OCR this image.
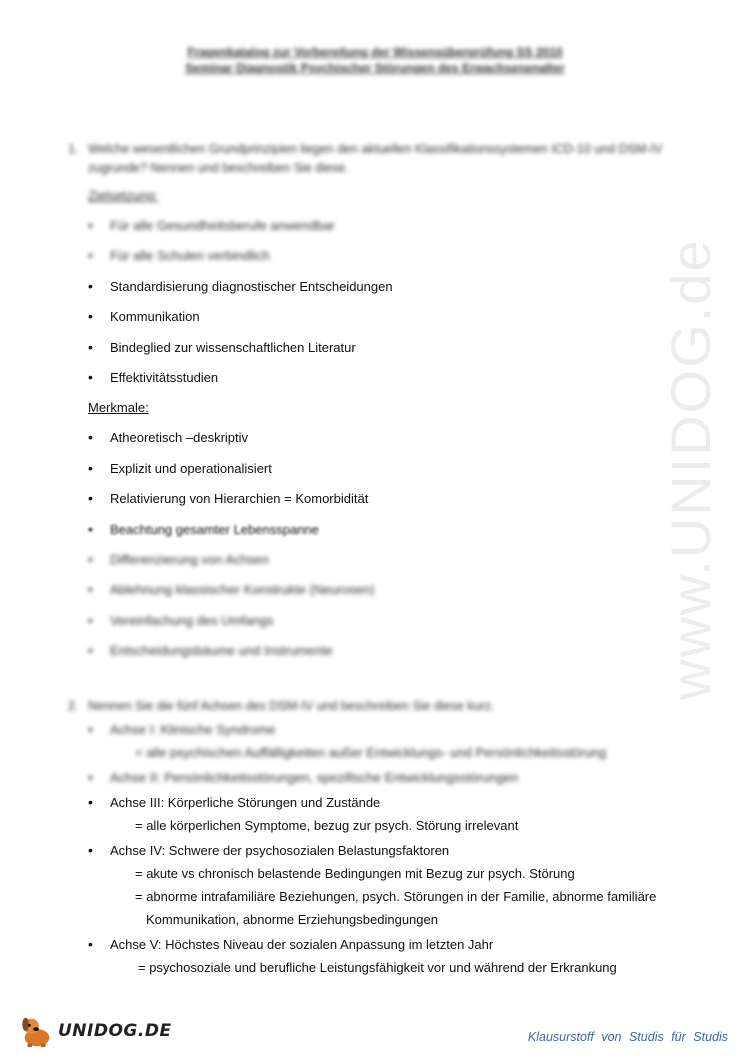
www.UNIDOG.de
Fragenkatalog zur Vorbereitung der Wissensüberprüfung SS 2010
Seminar Diagnostik Psychischer Störungen des Erwachsenenalter
1. Welche wesentlichen Grundprinzipien liegen den aktuellen Klassifikationssystemen ICD-10 und DSM-IV zugrunde? Nennen und beschreiben Sie diese.
Zielsetzung:
• Für alle Gesundheitsberufe anwendbar
• Für alle Schulen verbindlich
• Standardisierung diagnostischer Entscheidungen
• Kommunikation
• Bindeglied zur wissenschaftlichen Literatur
• Effektivitätsstudien
Merkmale:
• Atheoretisch –deskriptiv
• Explizit und operationalisiert
• Relativierung von Hierarchien = Komorbidität
• Beachtung gesamter Lebensspanne
• Differenzierung von Achsen
• Ablehnung klassischer Konstrukte (Neurosen)
• Vereinfachung des Umfangs
• Entscheidungsbäume und Instrumente
2. Nennen Sie die fünf Achsen des DSM-IV und beschreiben Sie diese kurz.
• Achse I: Klinische Syndrome
= alle psychischen Auffälligkeiten außer Entwicklungs- und Persönlichkeitsstörung
• Achse II: Persönlichkeitsstörungen, spezifische Entwicklungsstörungen
• Achse III: Körperliche Störungen und Zustände
= alle körperlichen Symptome, bezug zur psych. Störung irrelevant
• Achse IV: Schwere der psychosozialen Belastungsfaktoren
= akute vs chronisch belastende Bedingungen mit Bezug zur psych. Störung
= abnorme intrafamiliäre Beziehungen, psych. Störungen in der Familie, abnorme familiäre
Kommunikation, abnorme Erziehungsbedingungen
• Achse V: Höchstes Niveau der sozialen Anpassung im letzten Jahr
= psychosoziale und berufliche Leistungsfähigkeit vor und während der Erkrankung
UNIDOG.DE	Klausurstoff von Studis für Studis
